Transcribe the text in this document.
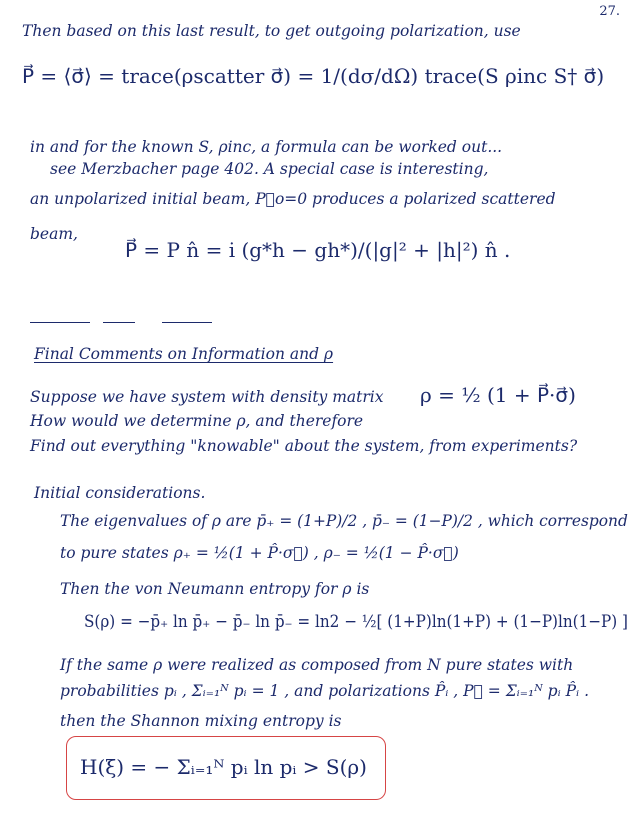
27.
Then based on this last result, to get outgoing polarization, use
P⃗ = ⟨σ⃗⟩ = trace(ρscatter σ⃗) = 1/(dσ/dΩ) trace(S ρinc S† σ⃗)
in and for the known S, ρinc, a formula can be worked out...
see Merzbacher page 402. A special case is interesting,
an unpolarized initial beam, P⃗o=0 produces a polarized scattered
beam,
P⃗ = P n̂ = i (g*h − gh*)/(|g|² + |h|²) n̂ .
Final Comments on Information and ρ
Suppose we have system with density matrix ρ = ½ (1 + P⃗·σ⃗)
How would we determine ρ, and therefore
Find out everything "knowable" about the system, from experiments?
Initial considerations.
The eigenvalues of ρ are p̄₊ = (1+P)/2 , p̄₋ = (1−P)/2 , which correspond
to pure states ρ₊ = ½(1 + P̂·σ⃗) , ρ₋ = ½(1 − P̂·σ⃗)
Then the von Neumann entropy for ρ is
S(ρ) = −p̄₊ ln p̄₊ − p̄₋ ln p̄₋ = ln2 − ½[ (1+P)ln(1+P) + (1−P)ln(1−P) ]
If the same ρ were realized as composed from N pure states with
probabilities pᵢ , Σᵢ₌₁ᴺ pᵢ = 1 , and polarizations P̂ᵢ , P⃗ = Σᵢ₌₁ᴺ pᵢ P̂ᵢ .
then the Shannon mixing entropy is
H(ξ) = − Σᵢ₌₁ᴺ pᵢ ln pᵢ > S(ρ)
